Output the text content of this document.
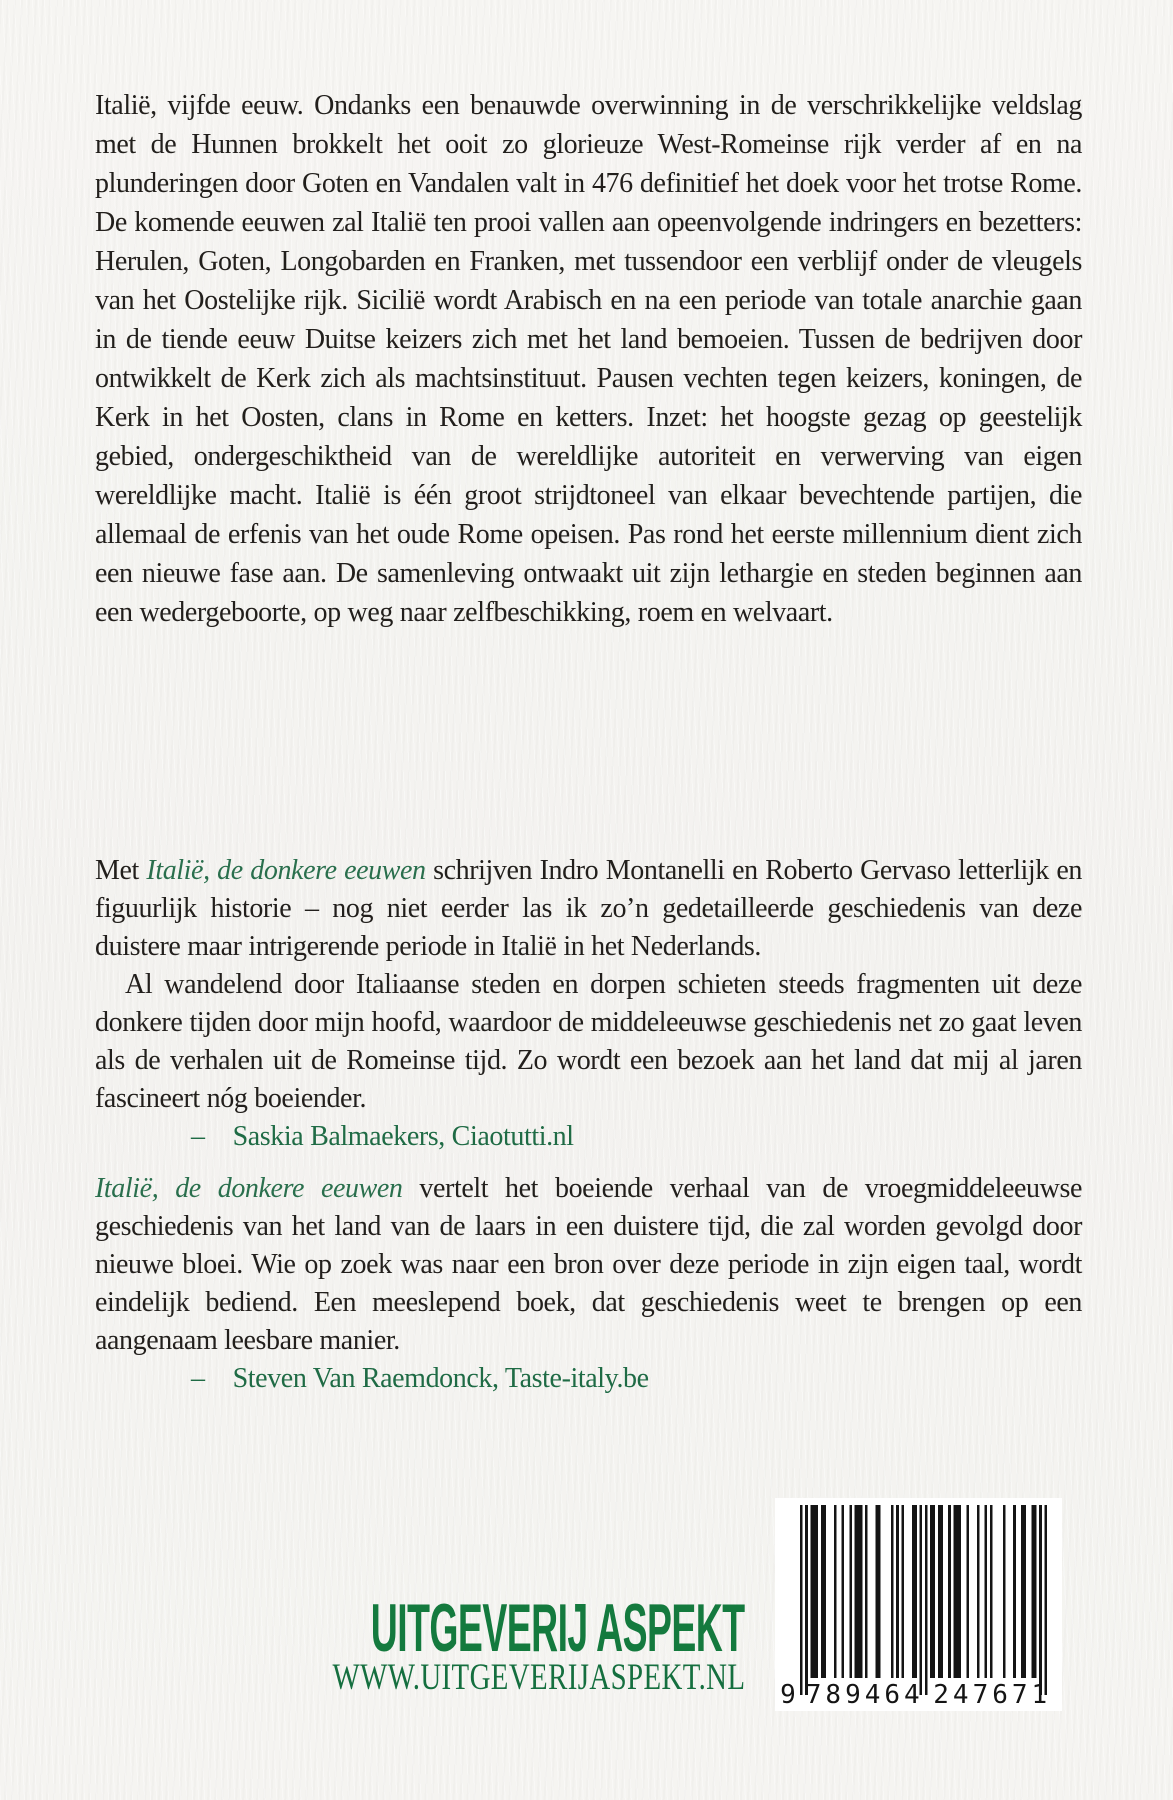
Italië, vijfde eeuw. Ondanks een benauwde overwinning in de verschrikkelijke veldslag met de Hunnen brokkelt het ooit zo glorieuze West-Romeinse rijk verder af en na plunderingen door Goten en Vandalen valt in 476 definitief het doek voor het trotse Rome. De komende eeuwen zal Italië ten prooi vallen aan opeenvolgende indringers en bezetters: Herulen, Goten, Longobarden en Franken, met tussendoor een verblijf onder de vleugels van het Oostelijke rijk. Sicilië wordt Arabisch en na een periode van totale anarchie gaan in de tiende eeuw Duitse keizers zich met het land bemoeien. Tussen de bedrijven door ontwikkelt de Kerk zich als machtsinstituut. Pausen vechten tegen keizers, koningen, de Kerk in het Oosten, clans in Rome en ketters. Inzet: het hoogste gezag op geestelijk gebied, ondergeschiktheid van de wereldlijke autoriteit en verwerving van eigen wereldlijke macht. Italië is één groot strijdtoneel van elkaar bevechtende partijen, die allemaal de erfenis van het oude Rome opeisen. Pas rond het eerste millennium dient zich een nieuwe fase aan. De samenleving ontwaakt uit zijn lethargie en steden beginnen aan een wedergeboorte, op weg naar zelfbeschikking, roem en welvaart.

Met Italië, de donkere eeuwen schrijven Indro Montanelli en Roberto Gervaso letterlijk en figuurlijk historie – nog niet eerder las ik zo’n gedetailleerde geschiedenis van deze duistere maar intrigerende periode in Italië in het Nederlands.

Al wandelend door Italiaanse steden en dorpen schieten steeds fragmenten uit deze donkere tijden door mijn hoofd, waardoor de middeleeuwse geschiedenis net zo gaat leven als de verhalen uit de Romeinse tijd. Zo wordt een bezoek aan het land dat mij al jaren fascineert nóg boeiender.

– Saskia Balmaekers, Ciaotutti.nl

Italië, de donkere eeuwen vertelt het boeiende verhaal van de vroegmiddeleeuwse geschiedenis van het land van de laars in een duistere tijd, die zal worden gevolgd door nieuwe bloei. Wie op zoek was naar een bron over deze periode in zijn eigen taal, wordt eindelijk bediend. Een meeslepend boek, dat geschiedenis weet te brengen op een aangenaam leesbare manier.

– Steven Van Raemdonck, Taste-italy.be

UITGEVERIJ ASPEKT
WWW.UITGEVERIJASPEKT.NL 9 789464 247671
